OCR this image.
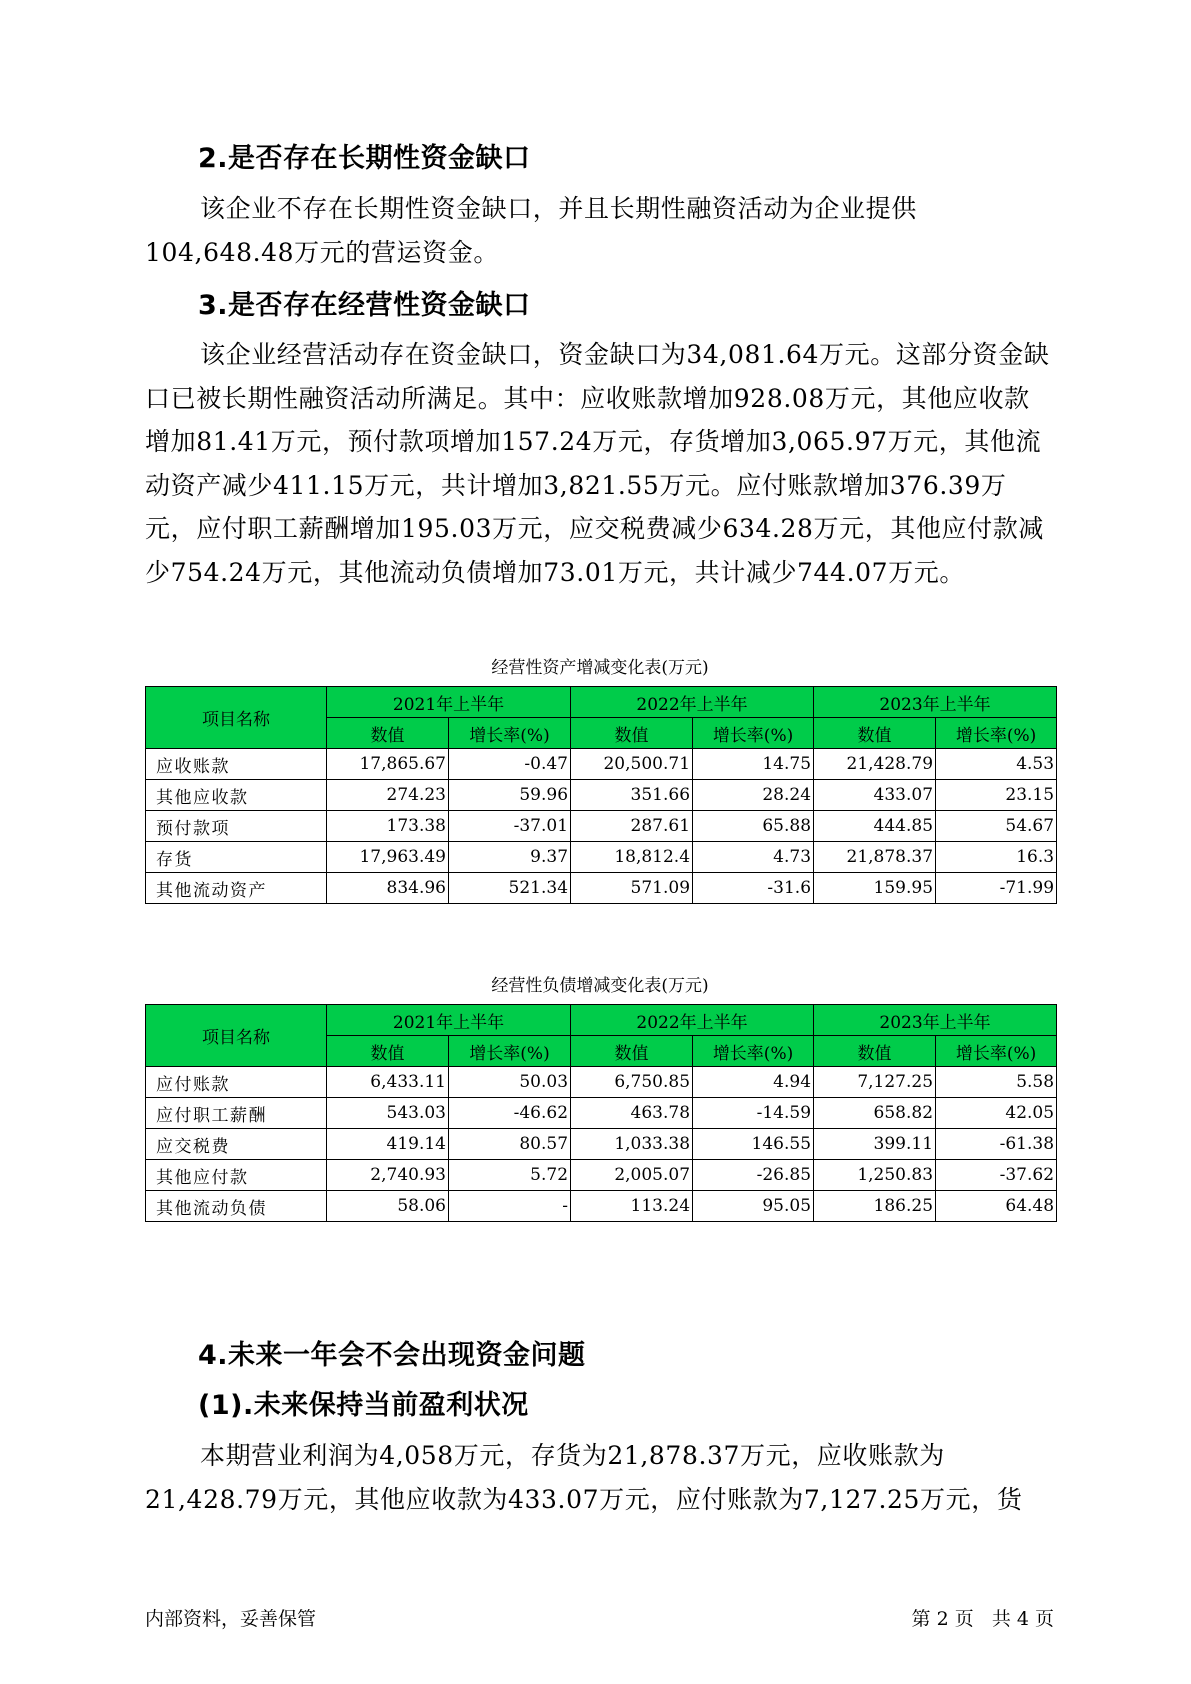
2.是否存在长期性资金缺口

该企业不存在长期性资金缺口，并且长期性融资活动为企业提供104,648.48万元的营运资金。

3.是否存在经营性资金缺口

该企业经营活动存在资金缺口，资金缺口为34,081.64万元。这部分资金缺口已被长期性融资活动所满足。其中：应收账款增加928.08万元，其他应收款增加81.41万元，预付款项增加157.24万元，存货增加3,065.97万元，其他流动资产减少411.15万元，共计增加3,821.55万元。应付账款增加376.39万元，应付职工薪酬增加195.03万元，应交税费减少634.28万元，其他应付款减少754.24万元，其他流动负债增加73.01万元，共计减少744.07万元。

经营性资产增减变化表(万元)
项目名称	2021年上半年		2022年上半年		2023年上半年	
	数值	增长率(%)	数值	增长率(%)	数值	增长率(%)
应收账款	17,865.67	-0.47	20,500.71	14.75	21,428.79	4.53
其他应收款	274.23	59.96	351.66	28.24	433.07	23.15
预付款项	173.38	-37.01	287.61	65.88	444.85	54.67
存货	17,963.49	9.37	18,812.4	4.73	21,878.37	16.3
其他流动资产	834.96	521.34	571.09	-31.6	159.95	-71.99
经营性负债增减变化表(万元)
项目名称	2021年上半年		2022年上半年		2023年上半年	
	数值	增长率(%)	数值	增长率(%)	数值	增长率(%)
应付账款	6,433.11	50.03	6,750.85	4.94	7,127.25	5.58
应付职工薪酬	543.03	-46.62	463.78	-14.59	658.82	42.05
应交税费	419.14	80.57	1,033.38	146.55	399.11	-61.38
其他应付款	2,740.93	5.72	2,005.07	-26.85	1,250.83	-37.62
其他流动负债	58.06	-	113.24	95.05	186.25	64.48
4.未来一年会不会出现资金问题
(1).未来保持当前盈利状况

本期营业利润为4,058万元，存货为21,878.37万元，应收账款为21,428.79万元，其他应收款为433.07万元，应付账款为7,127.25万元，货

内部资料，妥善保管	第 2 页   共 4 页
